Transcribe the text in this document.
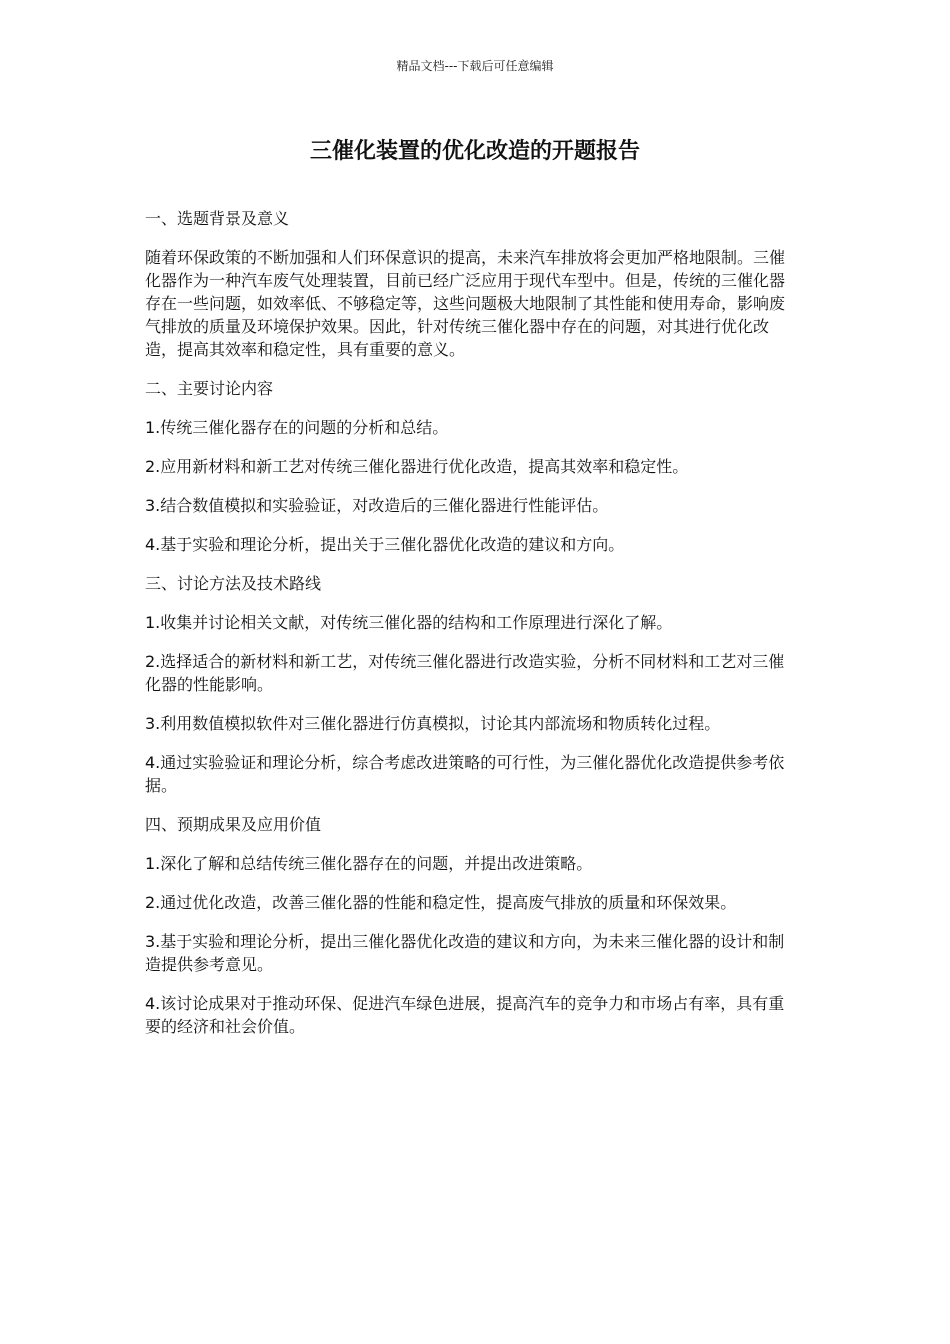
精品文档---下载后可任意编辑
三催化装置的优化改造的开题报告

一、选题背景及意义

随着环保政策的不断加强和人们环保意识的提高，未来汽车排放将会更加严格地限制。三催化器作为一种汽车废气处理装置，目前已经广泛应用于现代车型中。但是，传统的三催化器存在一些问题，如效率低、不够稳定等，这些问题极大地限制了其性能和使用寿命，影响废气排放的质量及环境保护效果。因此，针对传统三催化器中存在的问题，对其进行优化改造，提高其效率和稳定性，具有重要的意义。

二、主要讨论内容

1.传统三催化器存在的问题的分析和总结。

2.应用新材料和新工艺对传统三催化器进行优化改造，提高其效率和稳定性。

3.结合数值模拟和实验验证，对改造后的三催化器进行性能评估。

4.基于实验和理论分析，提出关于三催化器优化改造的建议和方向。

三、讨论方法及技术路线

1.收集并讨论相关文献，对传统三催化器的结构和工作原理进行深化了解。

2.选择适合的新材料和新工艺，对传统三催化器进行改造实验，分析不同材料和工艺对三催化器的性能影响。

3.利用数值模拟软件对三催化器进行仿真模拟，讨论其内部流场和物质转化过程。

4.通过实验验证和理论分析，综合考虑改进策略的可行性，为三催化器优化改造提供参考依据。

四、预期成果及应用价值

1.深化了解和总结传统三催化器存在的问题，并提出改进策略。

2.通过优化改造，改善三催化器的性能和稳定性，提高废气排放的质量和环保效果。

3.基于实验和理论分析，提出三催化器优化改造的建议和方向，为未来三催化器的设计和制造提供参考意见。

4.该讨论成果对于推动环保、促进汽车绿色进展，提高汽车的竞争力和市场占有率，具有重要的经济和社会价值。
